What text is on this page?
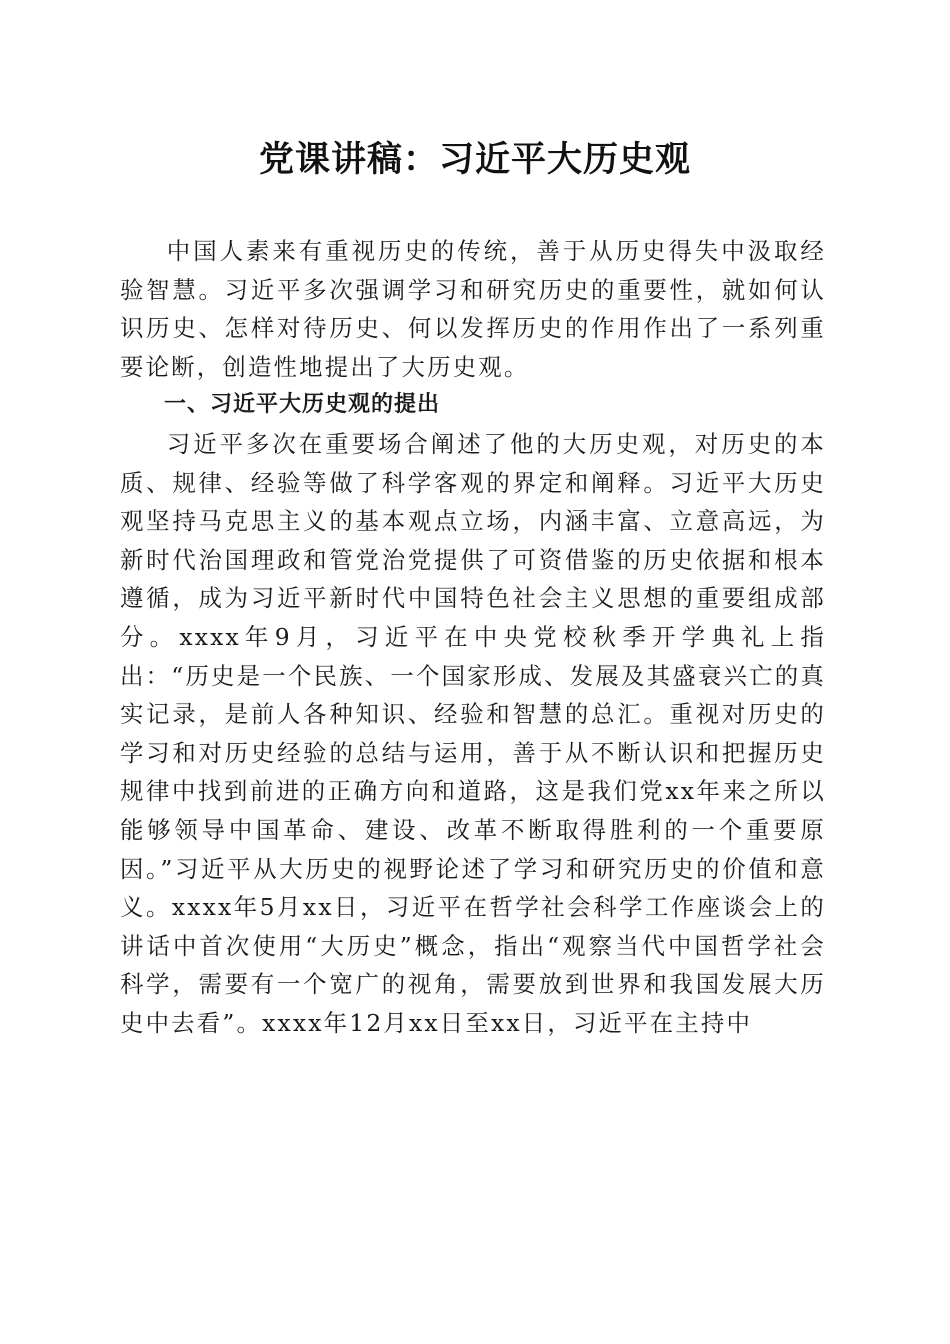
党课讲稿：习近平大历史观

中国人素来有重视历史的传统，善于从历史得失中汲取经验智慧。习近平多次强调学习和研究历史的重要性，就如何认识历史、怎样对待历史、何以发挥历史的作用作出了一系列重要论断，创造性地提出了大历史观。

一、习近平大历史观的提出

习近平多次在重要场合阐述了他的大历史观，对历史的本质、规律、经验等做了科学客观的界定和阐释。习近平大历史观坚持马克思主义的基本观点立场，内涵丰富、立意高远，为新时代治国理政和管党治党提供了可资借鉴的历史依据和根本遵循，成为习近平新时代中国特色社会主义思想的重要组成部分。xxxx年9月，习近平在中央党校秋季开学典礼上指出：“历史是一个民族、一个国家形成、发展及其盛衰兴亡的真实记录，是前人各种知识、经验和智慧的总汇。重视对历史的学习和对历史经验的总结与运用，善于从不断认识和把握历史规律中找到前进的正确方向和道路，这是我们党xx年来之所以能够领导中国革命、建设、改革不断取得胜利的一个重要原因。”习近平从大历史的视野论述了学习和研究历史的价值和意义。xxxx年5月xx日，习近平在哲学社会科学工作座谈会上的讲话中首次使用“大历史”概念，指出“观察当代中国哲学社会科学，需要有一个宽广的视角，需要放到世界和我国发展大历史中去看”。xxxx年12月xx日至xx日，习近平在主持中
